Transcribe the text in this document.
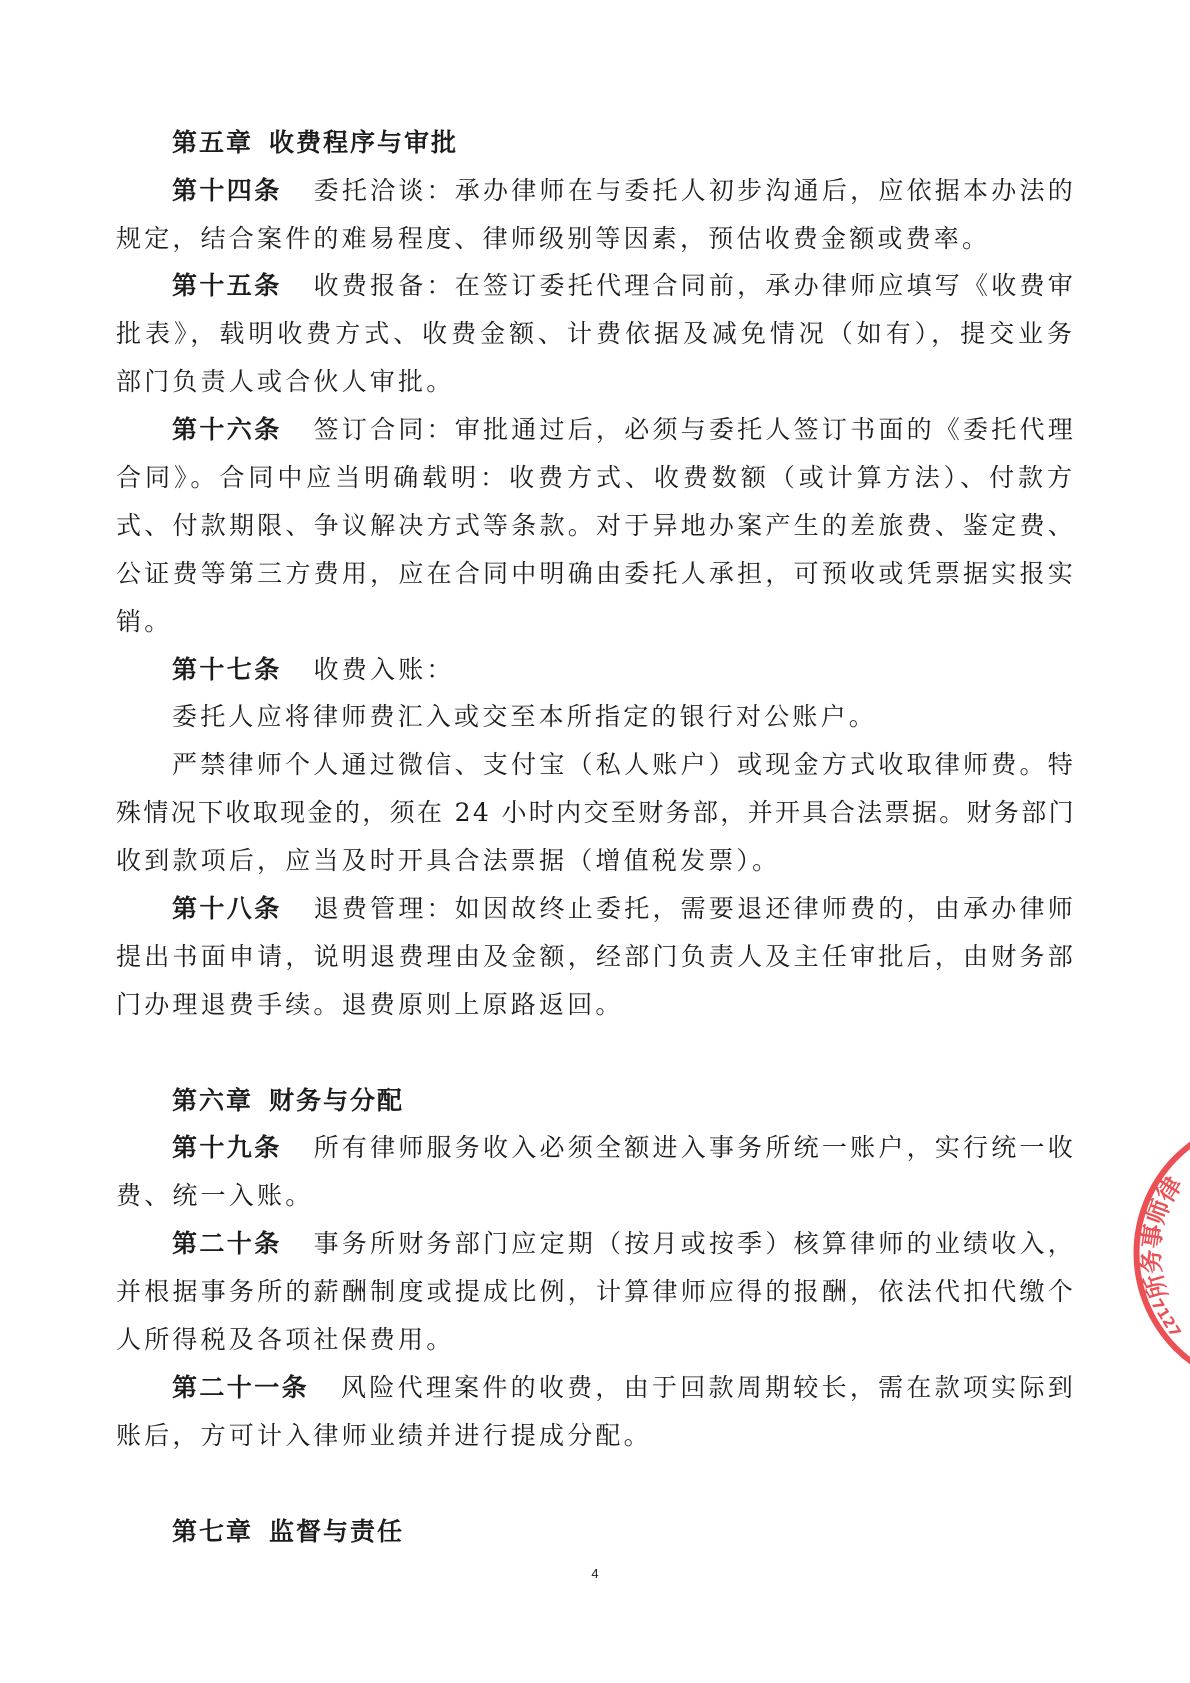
第五章 收费程序与审批
第十四条 委托洽谈：承办律师在与委托人初步沟通后，应依据本办法的
规定，结合案件的难易程度、律师级别等因素，预估收费金额或费率。
第十五条 收费报备：在签订委托代理合同前，承办律师应填写《收费审
批表》，载明收费方式、收费金额、计费依据及减免情况（如有），提交业务
部门负责人或合伙人审批。
第十六条 签订合同：审批通过后，必须与委托人签订书面的《委托代理
合同》。合同中应当明确载明：收费方式、收费数额（或计算方法）、付款方
式、付款期限、争议解决方式等条款。对于异地办案产生的差旅费、鉴定费、
公证费等第三方费用，应在合同中明确由委托人承担，可预收或凭票据实报实
销。
第十七条 收费入账：
委托人应将律师费汇入或交至本所指定的银行对公账户。
严禁律师个人通过微信、支付宝（私人账户）或现金方式收取律师费。特
殊情况下收取现金的，须在 24 小时内交至财务部，并开具合法票据。财务部门
收到款项后，应当及时开具合法票据（增值税发票）。
第十八条 退费管理：如因故终止委托，需要退还律师费的，由承办律师
提出书面申请，说明退费理由及金额，经部门负责人及主任审批后，由财务部
门办理退费手续。退费原则上原路返回。
第六章 财务与分配
第十九条 所有律师服务收入必须全额进入事务所统一账户，实行统一收
费、统一入账。
第二十条 事务所财务部门应定期（按月或按季）核算律师的业绩收入，
并根据事务所的薪酬制度或提成比例，计算律师应得的报酬，依法代扣代缴个
人所得税及各项社保费用。
第二十一条 风险代理案件的收费，由于回款周期较长，需在款项实际到
账后，方可计入律师业绩并进行提成分配。
第七章 监督与责任
4
律
师
事
务
所
7127
